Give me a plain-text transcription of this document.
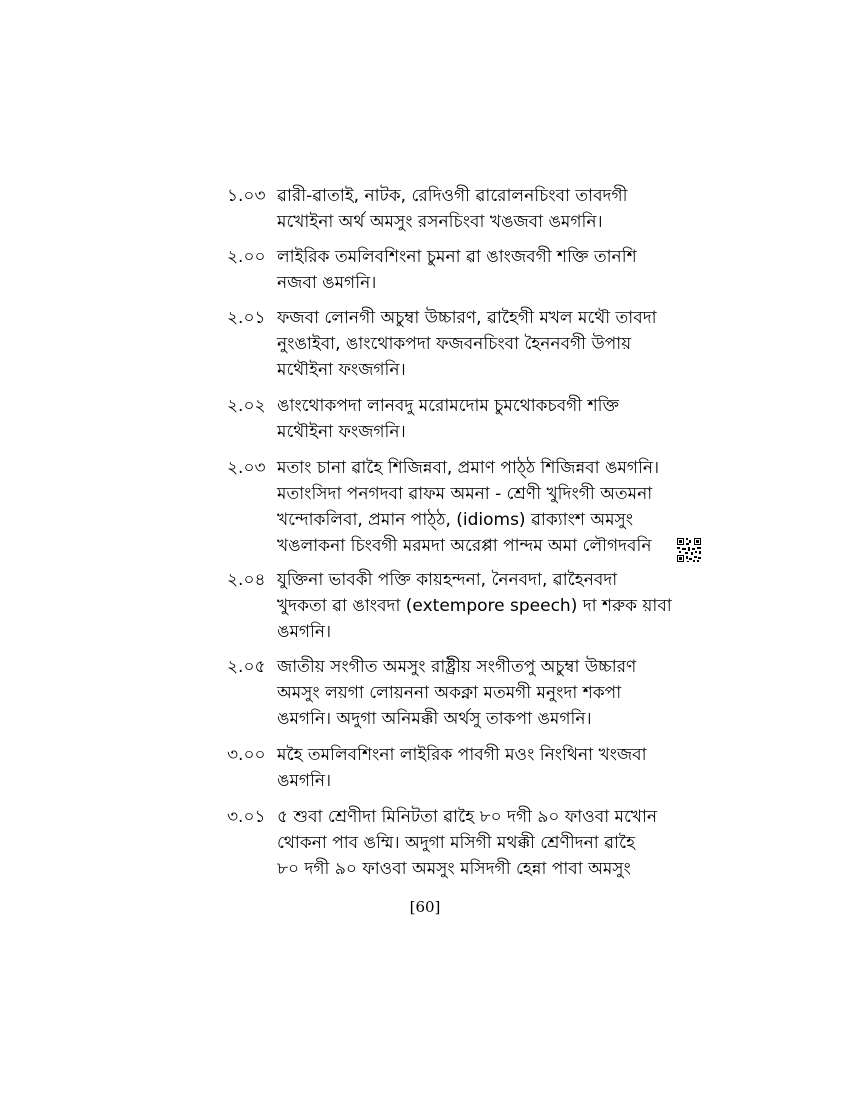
১.০৩ ৱারী-ৱাতাই, নাটক, রেদিওগী ৱারোলনচিংবা তাবদগী
মখোইনা অর্থ অমসুং রসনচিংবা খঙজবা ঙমগনি।
২.০০ লাইরিক তমলিবশিংনা চুমনা ৱা ঙাংজবগী শক্তি তানশি
নজবা ঙমগনি।
২.০১ ফজবা লোনগী অচুম্বা উচ্চারণ, ৱাহৈগী মখল মথৌ তাবদা
নুংঙাইবা, ঙাংথোকপদা ফজবনচিংবা হৈননবগী উপায়
মথৌইনা ফংজগনি।
২.০২ ঙাংথোকপদা লানবদু মরোমদোম চুমথোকচবগী শক্তি
মথৌইনা ফংজগনি।
২.০৩ মতাং চানা ৱাহৈ শিজিন্নবা, প্রমাণ পাঠ্ঠ শিজিন্নবা ঙমগনি।
মতাংসিদা পনগদবা ৱাফম অমনা - শ্রেণী খুদিংগী অতমনা
খন্দোকলিবা, প্রমান পাঠ্ঠ, (idioms) ৱাক্যাংশ অমসুং
খঙলাকনা চিংবগী মরমদা অরেপ্পা পান্দম অমা লৌগদবনি
২.০৪ যুক্তিনা ভাবকী পক্তি কায়হন্দনা, নৈনবদা, ৱাহৈনবদা
খুদকতা ৱা ঙাংবদা (extempore speech) দা শরুক য়াবা
ঙমগনি।
২.০৫ জাতীয় সংগীত অমসুং রাষ্ট্রীয় সংগীতপু অচুম্বা উচ্চারণ
অমসুং লয়গা লোয়ননা অকক্না মতমগী মনুংদা শকপা
ঙমগনি। অদুগা অনিমক্কী অর্থসু তাকপা ঙমগনি।
৩.০০ মহৈ তমলিবশিংনা লাইরিক পাবগী মওং নিংথিনা খংজবা
ঙমগনি।
৩.০১ ৫ শুবা শ্রেণীদা মিনিটতা ৱাহৈ ৮০ দগী ৯০ ফাওবা মখোন
থোকনা পাব ঙম্মি। অদুগা মসিগী মথক্কী শ্রেণীদনা ৱাহৈ
৮০ দগী ৯০ ফাওবা অমসুং মসিদগী হেন্না পাবা অমসুং
[60]
